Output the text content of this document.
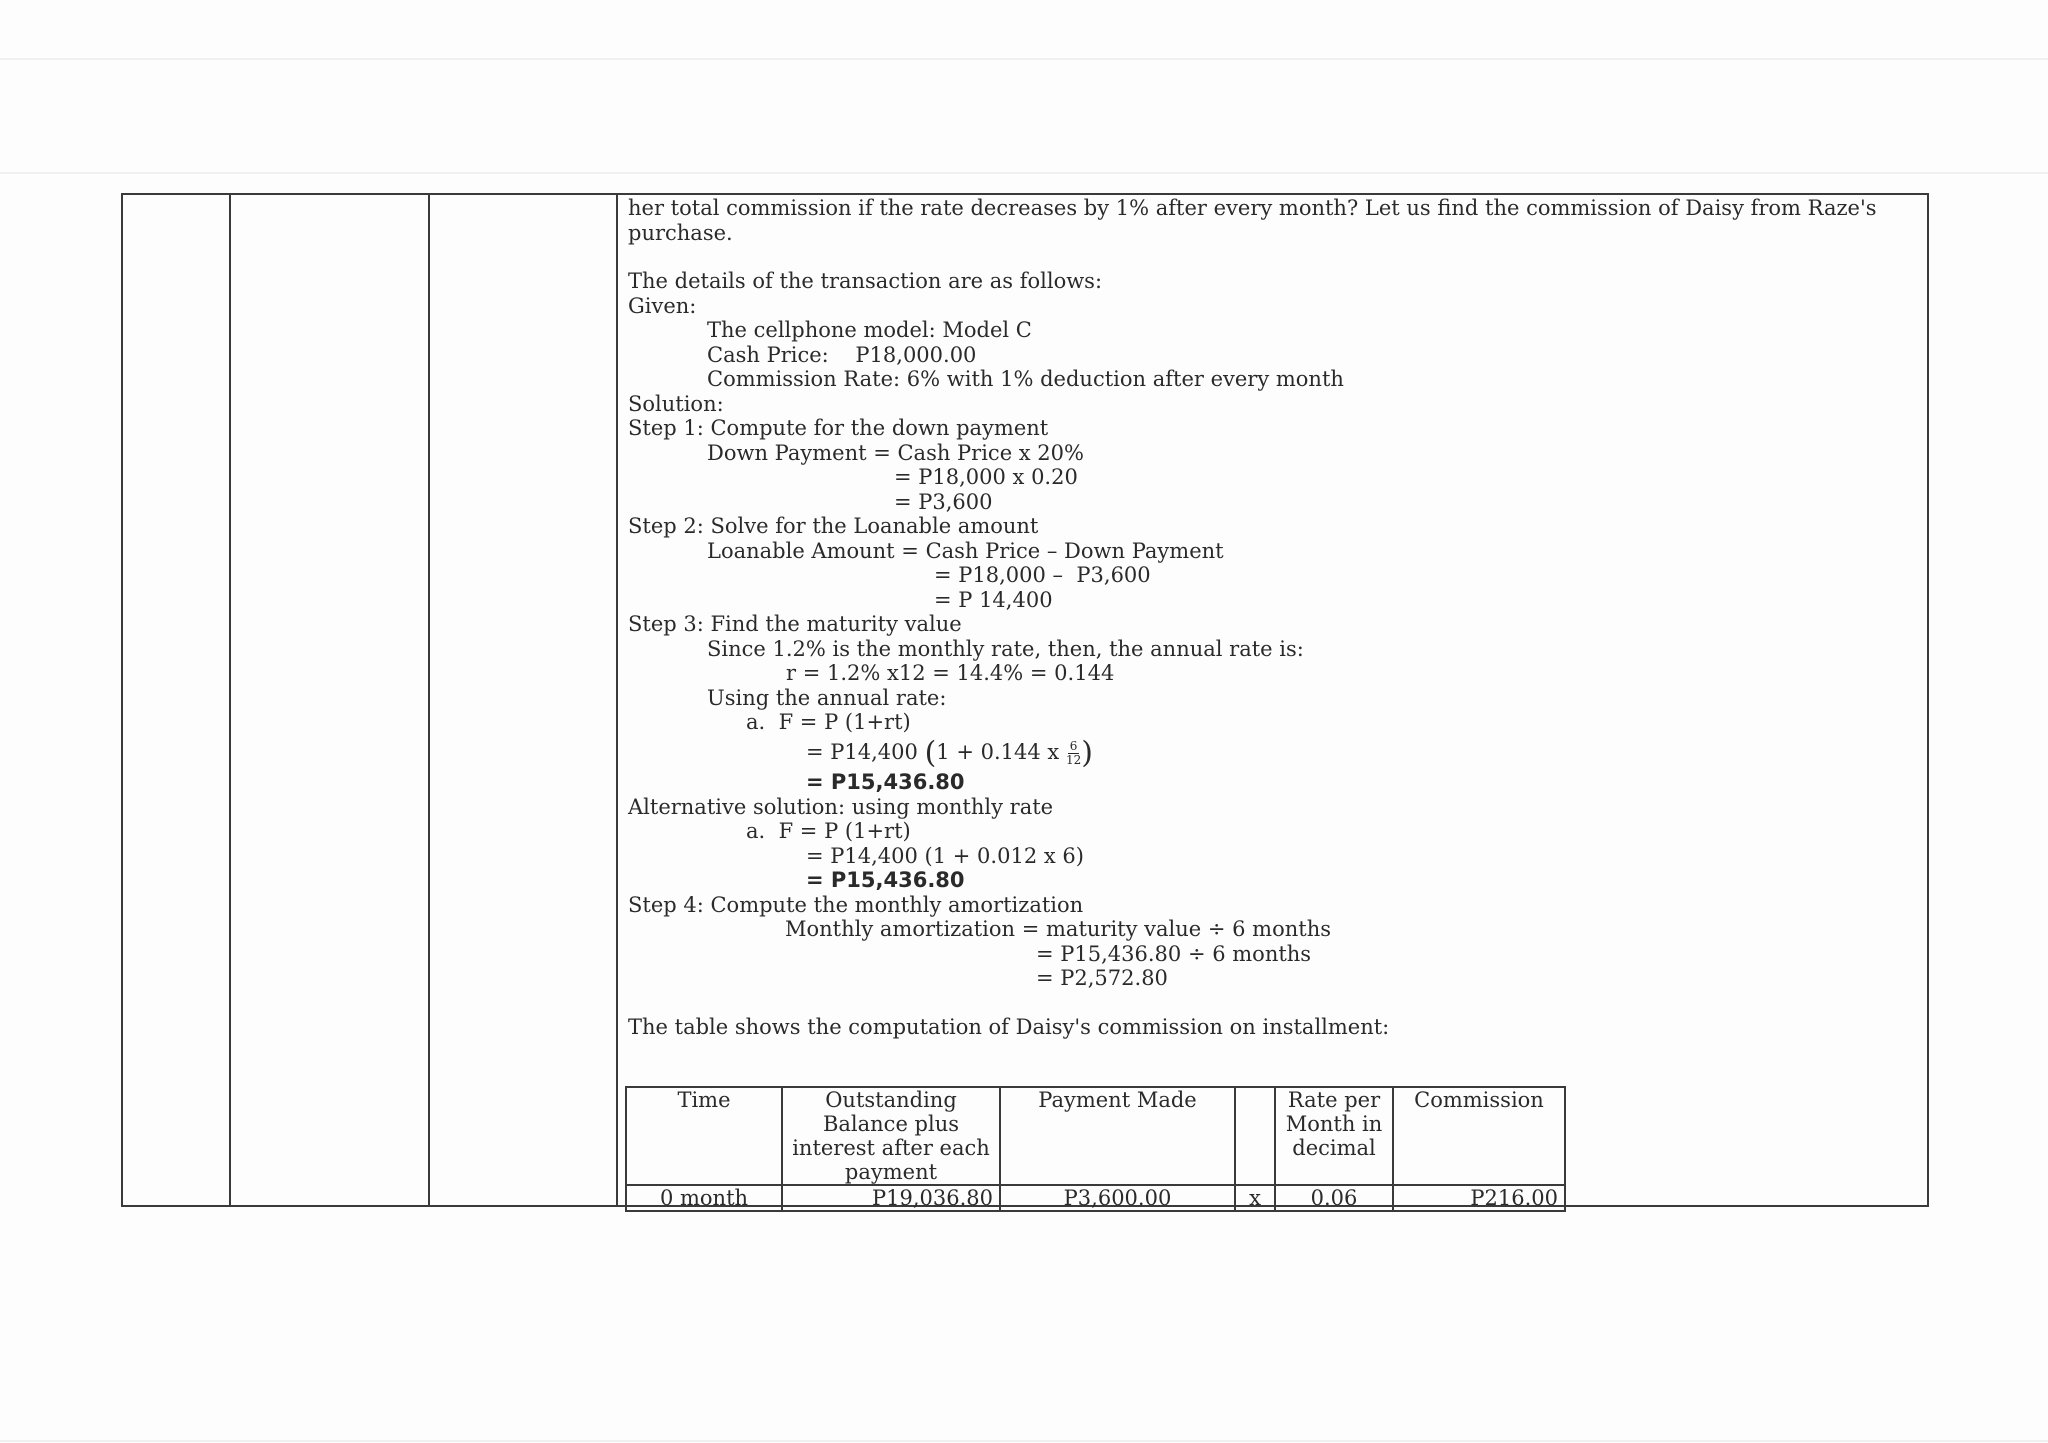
her total commission if the rate decreases by 1% after every month? Let us find the commission of Daisy from Raze's

purchase.

The details of the transaction are as follows:

Given:

The cellphone model: Model C

Cash Price:    P18,000.00

Commission Rate: 6% with 1% deduction after every month

Solution:

Step 1: Compute for the down payment

Down Payment = Cash Price x 20%

= P18,000 x 0.20

= P3,600

Step 2: Solve for the Loanable amount

Loanable Amount = Cash Price – Down Payment

= P18,000 –  P3,600

= P 14,400

Step 3: Find the maturity value

Since 1.2% is the monthly rate, then, the annual rate is:

r = 1.2% x12 = 14.4% = 0.144

Using the annual rate:

a. F = P (1+rt)

= P14,400 (1 + 0.144 x $\frac{6}{12}$ )

= P15,436.80

Alternative solution: using monthly rate

a. F = P (1+rt)

= P14,400 (1 + 0.012 x 6)

= P15,436.80

Step 4: Compute the monthly amortization

Monthly amortization = maturity value ÷ 6 months

= P15,436.80 ÷ 6 months

= P2,572.80

The table shows the computation of Daisy's commission on installment:

Time	Outstanding Balance plus interest after each payment	Payment Made		Rate per Month in decimal	Commission
0 month	P19,036.80	P3,600.00	x	0.06	P216.00
